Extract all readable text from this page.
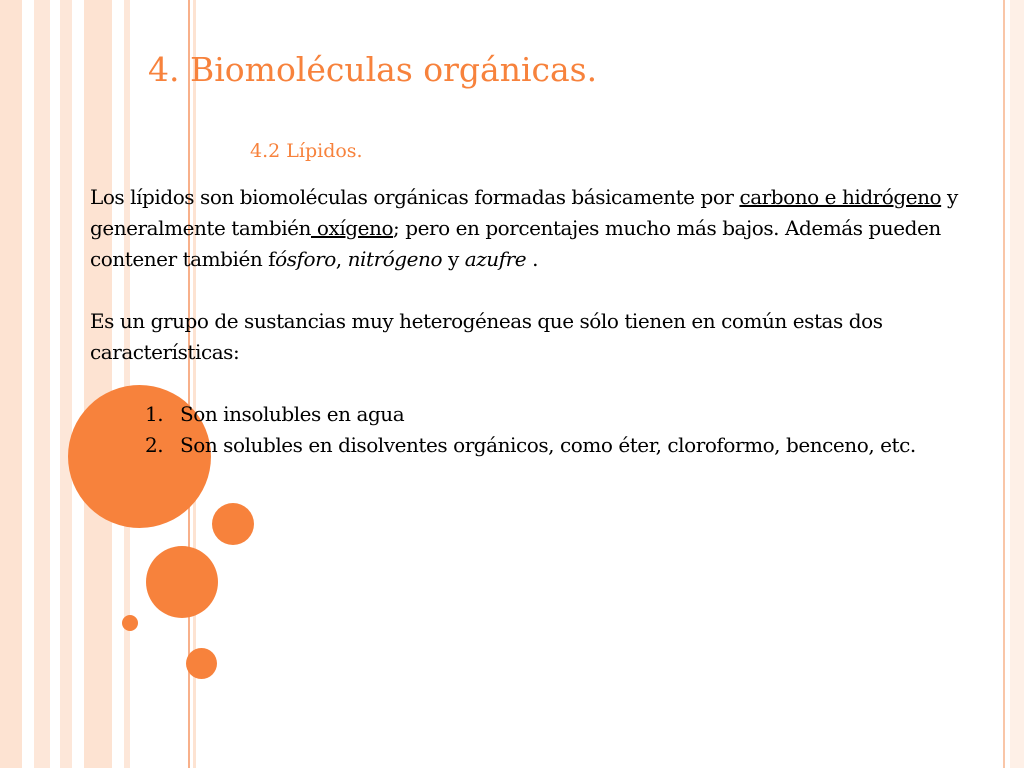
4. Biomoléculas orgánicas.
4.2 Lípidos.

Los lípidos son biomoléculas orgánicas formadas básicamente por carbono e hidrógeno y generalmente también oxígeno; pero en porcentajes mucho más bajos. Además pueden contener también fósforo, nitrógeno y azufre .

Es un grupo de sustancias muy heterogéneas que sólo tienen en común estas dos características:

1. Son insolubles en agua
2. Son solubles en disolventes orgánicos, como éter, cloroformo, benceno, etc.
